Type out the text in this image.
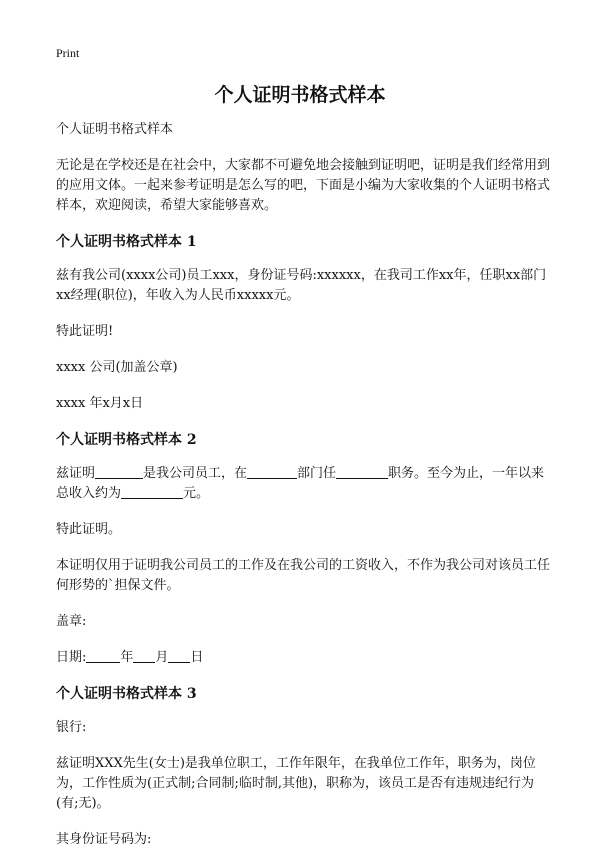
Print
个人证明书格式样本

个人证明书格式样本

无论是在学校还是在社会中，大家都不可避免地会接触到证明吧，证明是我们经常用到的应用文体。一起来参考证明是怎么写的吧，下面是小编为大家收集的个人证明书格式样本，欢迎阅读，希望大家能够喜欢。

个人证明书格式样本 1

兹有我公司(xxxx公司)员工xxx，身份证号码:xxxxxx，在我司工作xx年，任职xx部门xx经理(职位)，年收入为人民币xxxxx元。

特此证明!

xxxx 公司(加盖公章)

xxxx 年x月x日

个人证明书格式样本 2

兹证明	是我公司员工，在	部门任	职务。至今为止，一年以来总收入约为	元。

特此证明。

本证明仅用于证明我公司员工的工作及在我公司的工资收入，不作为我公司对该员工任何形势的`担保文件。

盖章:

日期:	年 月 日

个人证明书格式样本 3

银行:

兹证明XXX先生(女士)是我单位职工，工作年限年，在我单位工作年，职务为，岗位为，工作性质为(正式制;合同制;临时制,其他)，职称为，该员工是否有违规违纪行为(有;无)。

其身份证号码为:
